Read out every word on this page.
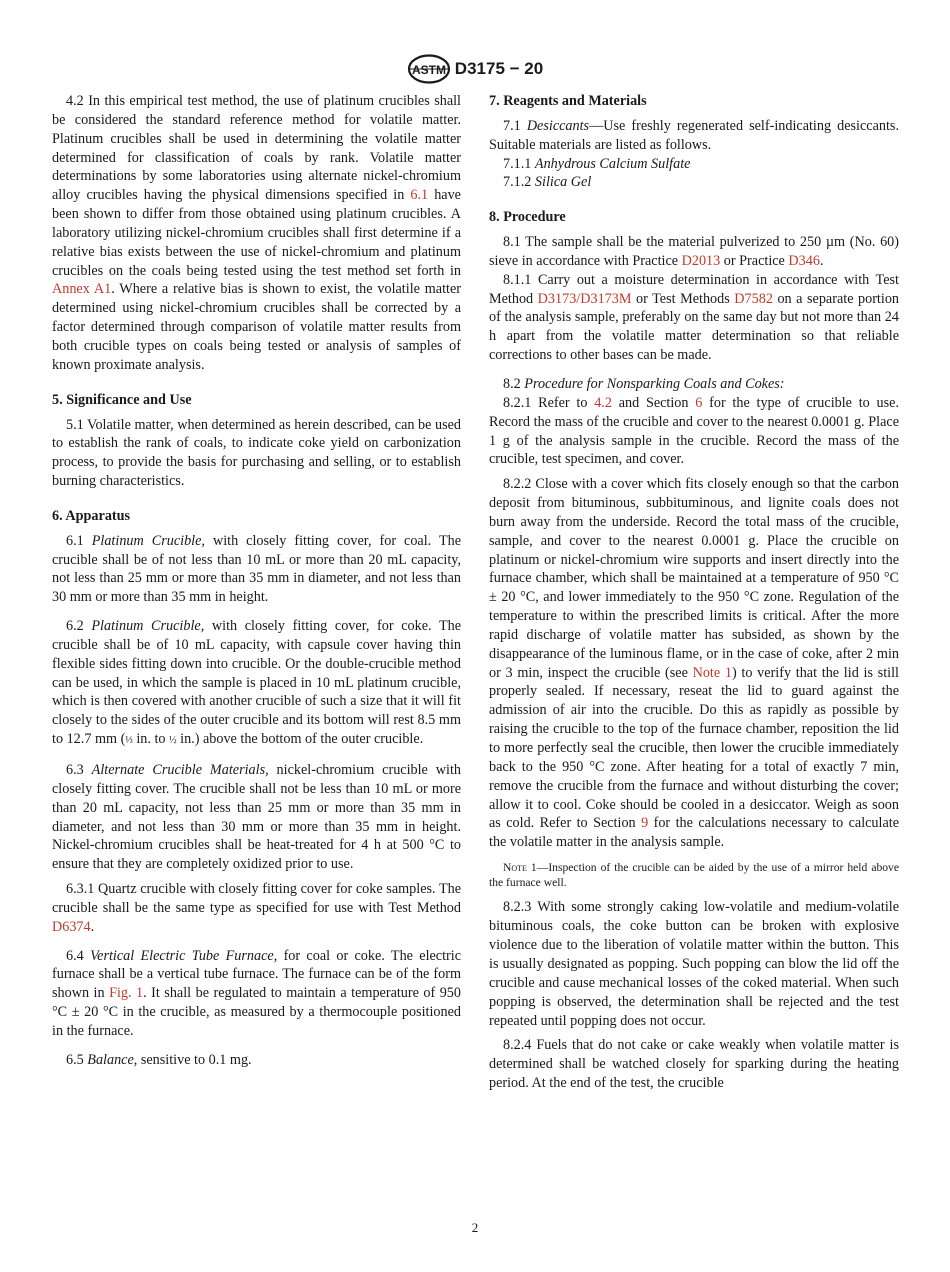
ASTM D3175 − 20

4.2 In this empirical test method, the use of platinum crucibles shall be considered the standard reference method for volatile matter. Platinum crucibles shall be used in determining the volatile matter determined for classification of coals by rank. Volatile matter determinations by some laboratories using alternate nickel-chromium alloy crucibles having the physical dimensions specified in 6.1 have been shown to differ from those obtained using platinum crucibles. A laboratory utilizing nickel-chromium crucibles shall first determine if a relative bias exists between the use of nickel-chromium and platinum crucibles on the coals being tested using the test method set forth in Annex A1. Where a relative bias is shown to exist, the volatile matter determined using nickel-chromium crucibles shall be corrected by a factor determined through comparison of volatile matter results from both crucible types on coals being tested or analysis of samples of known proximate analysis.

5. Significance and Use

5.1 Volatile matter, when determined as herein described, can be used to establish the rank of coals, to indicate coke yield on carbonization process, to provide the basis for purchasing and selling, or to establish burning characteristics.

6. Apparatus

6.1 Platinum Crucible, with closely fitting cover, for coal. The crucible shall be of not less than 10 mL or more than 20 mL capacity, not less than 25 mm or more than 35 mm in diameter, and not less than 30 mm or more than 35 mm in height.

6.2 Platinum Crucible, with closely fitting cover, for coke. The crucible shall be of 10 mL capacity, with capsule cover having thin flexible sides fitting down into crucible. Or the double-crucible method can be used, in which the sample is placed in 10 mL platinum crucible, which is then covered with another crucible of such a size that it will fit closely to the sides of the outer crucible and its bottom will rest 8.5 mm to 12.7 mm (⅓ in. to ½ in.) above the bottom of the outer crucible.

6.3 Alternate Crucible Materials, nickel-chromium crucible with closely fitting cover. The crucible shall not be less than 10 mL or more than 20 mL capacity, not less than 25 mm or more than 35 mm in diameter, and not less than 30 mm or more than 35 mm in height. Nickel-chromium crucibles shall be heat-treated for 4 h at 500 °C to ensure that they are completely oxidized prior to use.

6.3.1 Quartz crucible with closely fitting cover for coke samples. The crucible shall be the same type as specified for use with Test Method D6374.

6.4 Vertical Electric Tube Furnace, for coal or coke. The electric furnace shall be a vertical tube furnace. The furnace can be of the form shown in Fig. 1. It shall be regulated to maintain a temperature of 950 °C ± 20 °C in the crucible, as measured by a thermocouple positioned in the furnace.

6.5 Balance, sensitive to 0.1 mg.

7. Reagents and Materials

7.1 Desiccants—Use freshly regenerated self-indicating desiccants. Suitable materials are listed as follows.

7.1.1 Anhydrous Calcium Sulfate

7.1.2 Silica Gel

8. Procedure

8.1 The sample shall be the material pulverized to 250 µm (No. 60) sieve in accordance with Practice D2013 or Practice D346.

8.1.1 Carry out a moisture determination in accordance with Test Method D3173/D3173M or Test Methods D7582 on a separate portion of the analysis sample, preferably on the same day but not more than 24 h apart from the volatile matter determination so that reliable corrections to other bases can be made.

8.2 Procedure for Nonsparking Coals and Cokes:

8.2.1 Refer to 4.2 and Section 6 for the type of crucible to use. Record the mass of the crucible and cover to the nearest 0.0001 g. Place 1 g of the analysis sample in the crucible. Record the mass of the crucible, test specimen, and cover.

8.2.2 Close with a cover which fits closely enough so that the carbon deposit from bituminous, subbituminous, and lignite coals does not burn away from the underside. Record the total mass of the crucible, sample, and cover to the nearest 0.0001 g. Place the crucible on platinum or nickel-chromium wire supports and insert directly into the furnace chamber, which shall be maintained at a temperature of 950 °C ± 20 °C, and lower immediately to the 950 °C zone. Regulation of the temperature to within the prescribed limits is critical. After the more rapid discharge of volatile matter has subsided, as shown by the disappearance of the luminous flame, or in the case of coke, after 2 min or 3 min, inspect the crucible (see Note 1) to verify that the lid is still properly sealed. If necessary, reseat the lid to guard against the admission of air into the crucible. Do this as rapidly as possible by raising the crucible to the top of the furnace chamber, reposition the lid to more perfectly seal the crucible, then lower the crucible immediately back to the 950 °C zone. After heating for a total of exactly 7 min, remove the crucible from the furnace and without disturbing the cover; allow it to cool. Coke should be cooled in a desiccator. Weigh as soon as cold. Refer to Section 9 for the calculations necessary to calculate the volatile matter in the analysis sample.

Note 1—Inspection of the crucible can be aided by the use of a mirror held above the furnace well.

8.2.3 With some strongly caking low-volatile and medium-volatile bituminous coals, the coke button can be broken with explosive violence due to the liberation of volatile matter within the button. This is usually designated as popping. Such popping can blow the lid off the crucible and cause mechanical losses of the coked material. When such popping is observed, the determination shall be rejected and the test repeated until popping does not occur.

8.2.4 Fuels that do not cake or cake weakly when volatile matter is determined shall be watched closely for sparking during the heating period. At the end of the test, the crucible

2
